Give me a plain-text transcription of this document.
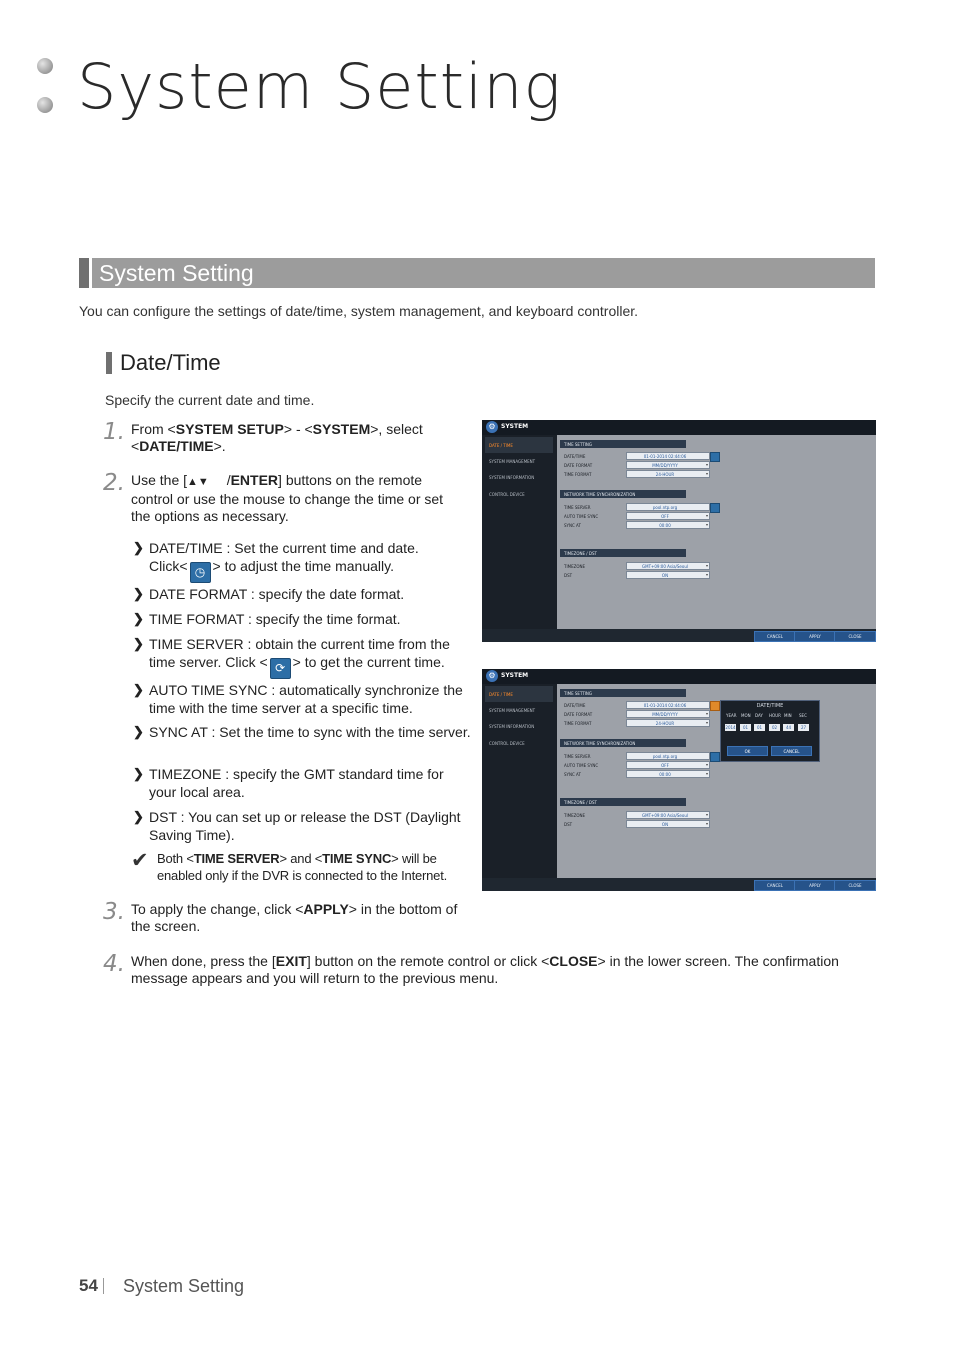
System Setting
System Setting
You can configure the settings of date/time, system management, and keyboard controller.
Date/Time
Specify the current date and time.
1. From <SYSTEM SETUP> - <SYSTEM>, select <DATE/TIME>.
2. Use the [▲▼ /ENTER] buttons on the remote control or use the mouse to change the time or set the options as necessary.
❯ DATE/TIME : Set the current time and date.
Click< ◷ > to adjust the time manually.
❯ DATE FORMAT : specify the date format.
❯ TIME FORMAT : specify the time format.
❯ TIME SERVER : obtain the current time from the time server. Click < ⟳ > to get the current time.
❯ AUTO TIME SYNC : automatically synchronize the time with the time server at a specific time.
❯ SYNC AT : Set the time to sync with the time server.
❯ TIMEZONE : specify the GMT standard time for your local area.
❯ DST : You can set up or release the DST (Daylight Saving Time).
✔ Both <TIME SERVER> and <TIME SYNC> will be enabled only if the DVR is connected to the Internet.
3. To apply the change, click <APPLY> in the bottom of the screen.
4. When done, press the [EXIT] button on the remote control or click <CLOSE> in the lower screen. The confirmation message appears and you will return to the previous menu.
⚙ SYSTEM
DATE / TIME
SYSTEM MANAGEMENT
SYSTEM INFORMATION
CONTROL DEVICE
TIME SETTING
DATE/TIME	01-01-2014 02:44:06
DATE FORMAT	MM/DD/YYYY	▾
TIME FORMAT	24-HOUR	▾
NETWORK TIME SYNCHRONIZATION
TIME SERVER	pool.ntp.org
AUTO TIME SYNC	OFF	▾
SYNC AT	00:00	▾
TIMEZONE / DST
TIMEZONE	GMT+09:00 Asia/Seoul	▾
DST	ON	▾
CANCEL	APPLY	CLOSE
⚙ SYSTEM
DATE / TIME
SYSTEM MANAGEMENT
SYSTEM INFORMATION
CONTROL DEVICE
TIME SETTING
DATE/TIME	01-01-2014 02:44:06
DATE FORMAT	MM/DD/YYYY	▾
TIME FORMAT	24-HOUR	▾
NETWORK TIME SYNCHRONIZATION
TIME SERVER	pool.ntp.org
AUTO TIME SYNC	OFF	▾
SYNC AT	00:00	▾
TIMEZONE / DST
TIMEZONE	GMT+09:00 Asia/Seoul	▾
DST	ON	▾
DATE/TIME
YEAR MON DAY HOUR MIN SEC
2014	01	01	02	44	27
OK	CANCEL
CANCEL	APPLY	CLOSE
54 System Setting
